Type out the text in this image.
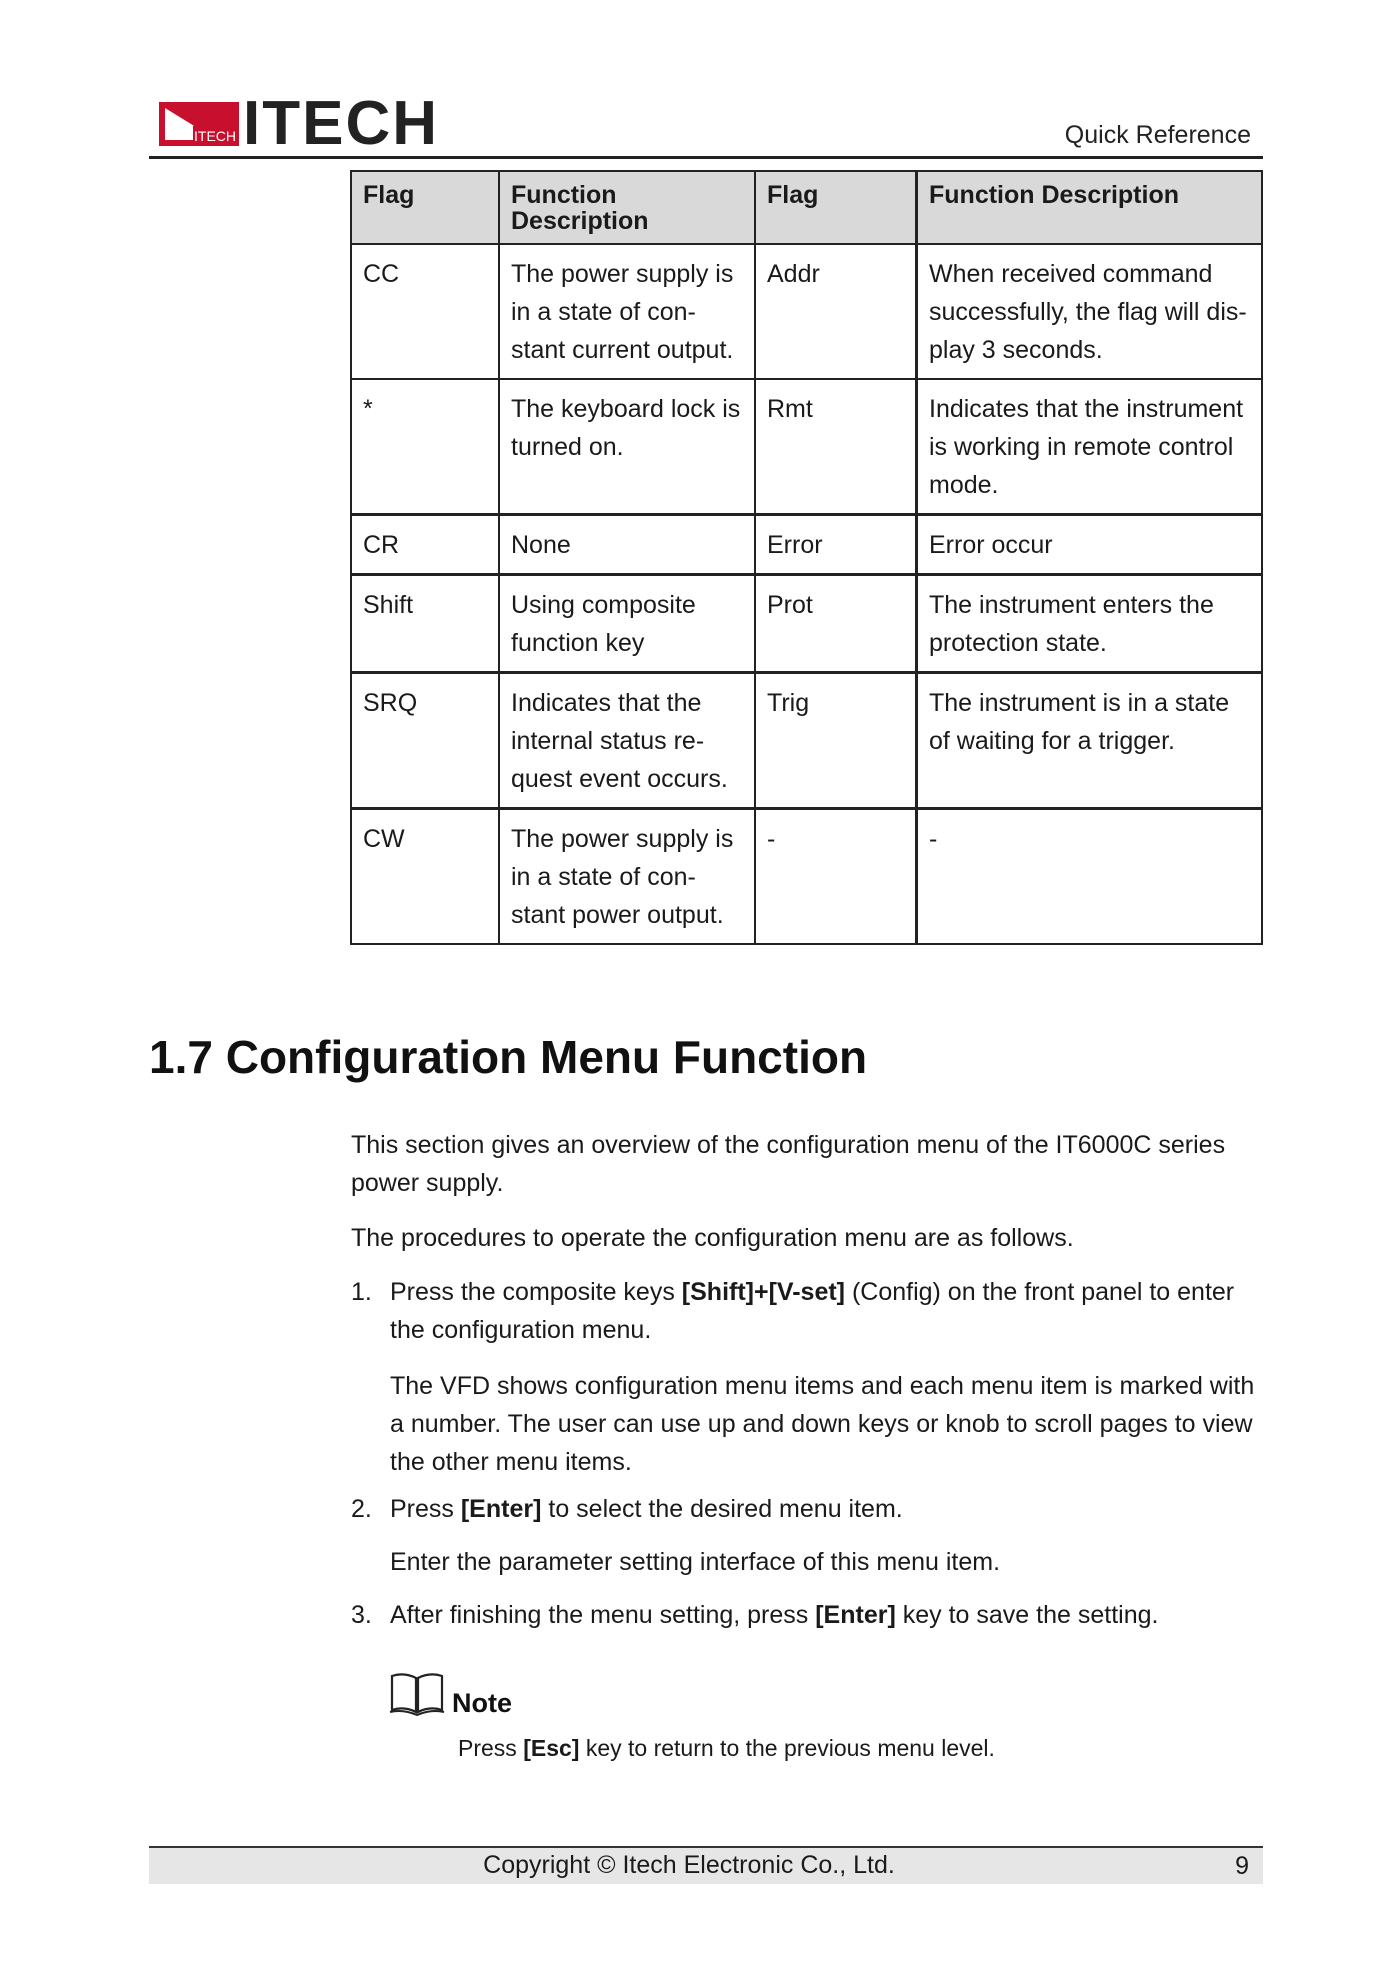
ITECH ITECH	Quick Reference
Flag	Function Description	Flag	Function Description
CC	The power supply is in a state of con-stant current output.	Addr	When received command successfully, the flag will dis-play 3 seconds.
*	The keyboard lock is turned on.	Rmt	Indicates that the instrument is working in remote control mode.
CR	None	Error	Error occur
Shift	Using composite function key	Prot	The instrument enters the protection state.
SRQ	Indicates that the internal status re-quest event occurs.	Trig	The instrument is in a state of waiting for a trigger.
CW	The power supply is in a state of con-stant power output.	-	-
1.7 Configuration Menu Function
This section gives an overview of the configuration menu of the IT6000C series power supply.
The procedures to operate the configuration menu are as follows.
1. Press the composite keys [Shift]+[V-set] (Config) on the front panel to enter the configuration menu.
The VFD shows configuration menu items and each menu item is marked with a number. The user can use up and down keys or knob to scroll pages to view the other menu items.
2. Press [Enter] to select the desired menu item.
Enter the parameter setting interface of this menu item.
3. After finishing the menu setting, press [Enter] key to save the setting.
Note
Press [Esc] key to return to the previous menu level.
Copyright © Itech Electronic Co., Ltd.	9
